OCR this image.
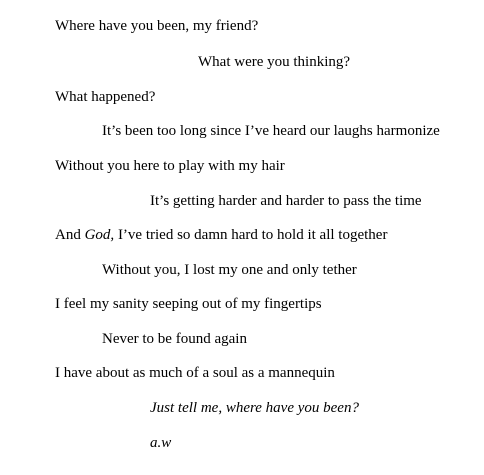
Where have you been, my friend?

What were you thinking?

What happened?

It’s been too long since I’ve heard our laughs harmonize

Without you here to play with my hair

It’s getting harder and harder to pass the time

And God, I’ve tried so damn hard to hold it all together

Without you, I lost my one and only tether

I feel my sanity seeping out of my fingertips

Never to be found again

I have about as much of a soul as a mannequin

Just tell me, where have you been?

a.w
